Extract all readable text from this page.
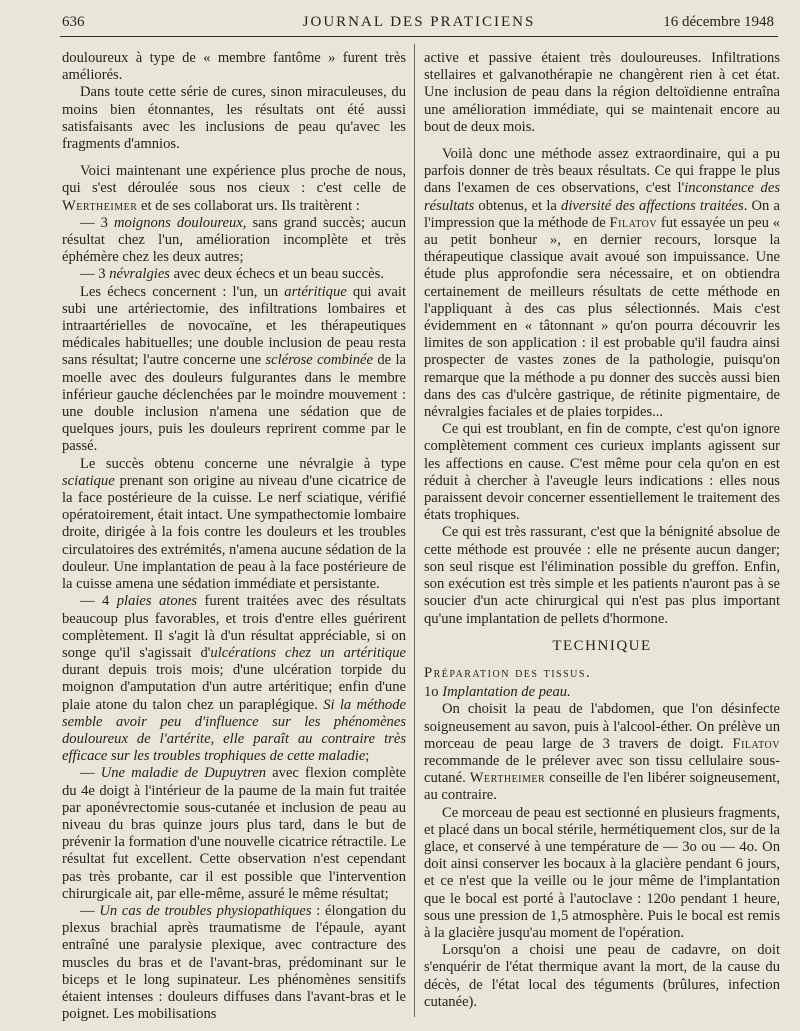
636	JOURNAL DES PRATICIENS	16 décembre 1948

douloureux à type de « membre fantôme » furent très améliorés.

Dans toute cette série de cures, sinon miraculeuses, du moins bien étonnantes, les résultats ont été aussi satisfaisants avec les inclusions de peau qu'avec les fragments d'amnios.

Voici maintenant une expérience plus proche de nous, qui s'est déroulée sous nos cieux : c'est celle de Wertheimer et de ses collaborat urs. Ils traitèrent :

— 3 moignons douloureux, sans grand succès; aucun résultat chez l'un, amélioration incomplète et très éphémère chez les deux autres;

— 3 névralgies avec deux échecs et un beau succès.

Les échecs concernent : l'un, un artéritique qui avait subi une artériectomie, des infiltrations lombaires et intraartérielles de novocaïne, et les thérapeutiques médicales habituelles; une double inclusion de peau resta sans résultat; l'autre concerne une sclérose combinée de la moelle avec des douleurs fulgurantes dans le membre inférieur gauche déclenchées par le moindre mouvement : une double inclusion n'amena une sédation que de quelques jours, puis les douleurs reprirent comme par le passé.

Le succès obtenu concerne une névralgie à type sciatique prenant son origine au niveau d'une cicatrice de la face postérieure de la cuisse. Le nerf sciatique, vérifié opératoirement, était intact. Une sympathectomie lombaire droite, dirigée à la fois contre les douleurs et les troubles circulatoires des extrémités, n'amena aucune sédation de la douleur. Une implantation de peau à la face postérieure de la cuisse amena une sédation immédiate et persistante.

— 4 plaies atones furent traitées avec des résultats beaucoup plus favorables, et trois d'entre elles guérirent complètement. Il s'agit là d'un résultat appréciable, si on songe qu'il s'agissait d'ulcérations chez un artéritique durant depuis trois mois; d'une ulcération torpide du moignon d'amputation d'un autre artéritique; enfin d'une plaie atone du talon chez un paraplégique. Si la méthode semble avoir peu d'influence sur les phénomènes douloureux de l'artérite, elle paraît au contraire très efficace sur les troubles trophiques de cette maladie;

— Une maladie de Dupuytren avec flexion complète du 4e doigt à l'intérieur de la paume de la main fut traitée par aponévrectomie sous-cutanée et inclusion de peau au niveau du bras quinze jours plus tard, dans le but de prévenir la formation d'une nouvelle cicatrice rétractile. Le résultat fut excellent. Cette observation n'est cependant pas très probante, car il est possible que l'intervention chirurgicale ait, par elle-même, assuré le même résultat;

— Un cas de troubles physiopathiques : élongation du plexus brachial après traumatisme de l'épaule, ayant entraîné une paralysie plexique, avec contracture des muscles du bras et de l'avant-bras, prédominant sur le biceps et le long supinateur. Les phénomènes sensitifs étaient intenses : douleurs diffuses dans l'avant-bras et le poignet. Les mobilisations

active et passive étaient très douloureuses. Infiltrations stellaires et galvanothérapie ne changèrent rien à cet état. Une inclusion de peau dans la région deltoïdienne entraîna une amélioration immédiate, qui se maintenait encore au bout de deux mois.

Voilà donc une méthode assez extraordinaire, qui a pu parfois donner de très beaux résultats. Ce qui frappe le plus dans l'examen de ces observations, c'est l'inconstance des résultats obtenus, et la diversité des affections traitées. On a l'impression que la méthode de Filatov fut essayée un peu « au petit bonheur », en dernier recours, lorsque la thérapeutique classique avait avoué son impuissance. Une étude plus approfondie sera nécessaire, et on obtiendra certainement de meilleurs résultats de cette méthode en l'appliquant à des cas plus sélectionnés. Mais c'est évidemment en « tâtonnant » qu'on pourra découvrir les limites de son application : il est probable qu'il faudra ainsi prospecter de vastes zones de la pathologie, puisqu'on remarque que la méthode a pu donner des succès aussi bien dans des cas d'ulcère gastrique, de rétinite pigmentaire, de névralgies faciales et de plaies torpides...

Ce qui est troublant, en fin de compte, c'est qu'on ignore complètement comment ces curieux implants agissent sur les affections en cause. C'est même pour cela qu'on en est réduit à chercher à l'aveugle leurs indications : elles nous paraissent devoir concerner essentiellement le traitement des états trophiques.

Ce qui est très rassurant, c'est que la bénignité absolue de cette méthode est prouvée : elle ne présente aucun danger; son seul risque est l'élimination possible du greffon. Enfin, son exécution est très simple et les patients n'auront pas à se soucier d'un acte chirurgical qui n'est pas plus important qu'une implantation de pellets d'hormone.

TECHNIQUE
Préparation des tissus.

1o Implantation de peau.

On choisit la peau de l'abdomen, que l'on désinfecte soigneusement au savon, puis à l'alcool-éther. On prélève un morceau de peau large de 3 travers de doigt. Filatov recommande de le prélever avec son tissu cellulaire sous-cutané. Wertheimer conseille de l'en libérer soigneusement, au contraire.

Ce morceau de peau est sectionné en plusieurs fragments, et placé dans un bocal stérile, hermétiquement clos, sur de la glace, et conservé à une température de — 3o ou — 4o. On doit ainsi conserver les bocaux à la glacière pendant 6 jours, et ce n'est que la veille ou le jour même de l'implantation que le bocal est porté à l'autoclave : 120o pendant 1 heure, sous une pression de 1,5 atmosphère. Puis le bocal est remis à la glacière jusqu'au moment de l'opération.

Lorsqu'on a choisi une peau de cadavre, on doit s'enquérir de l'état thermique avant la mort, de la cause du décès, de l'état local des téguments (brûlures, infection cutanée).
